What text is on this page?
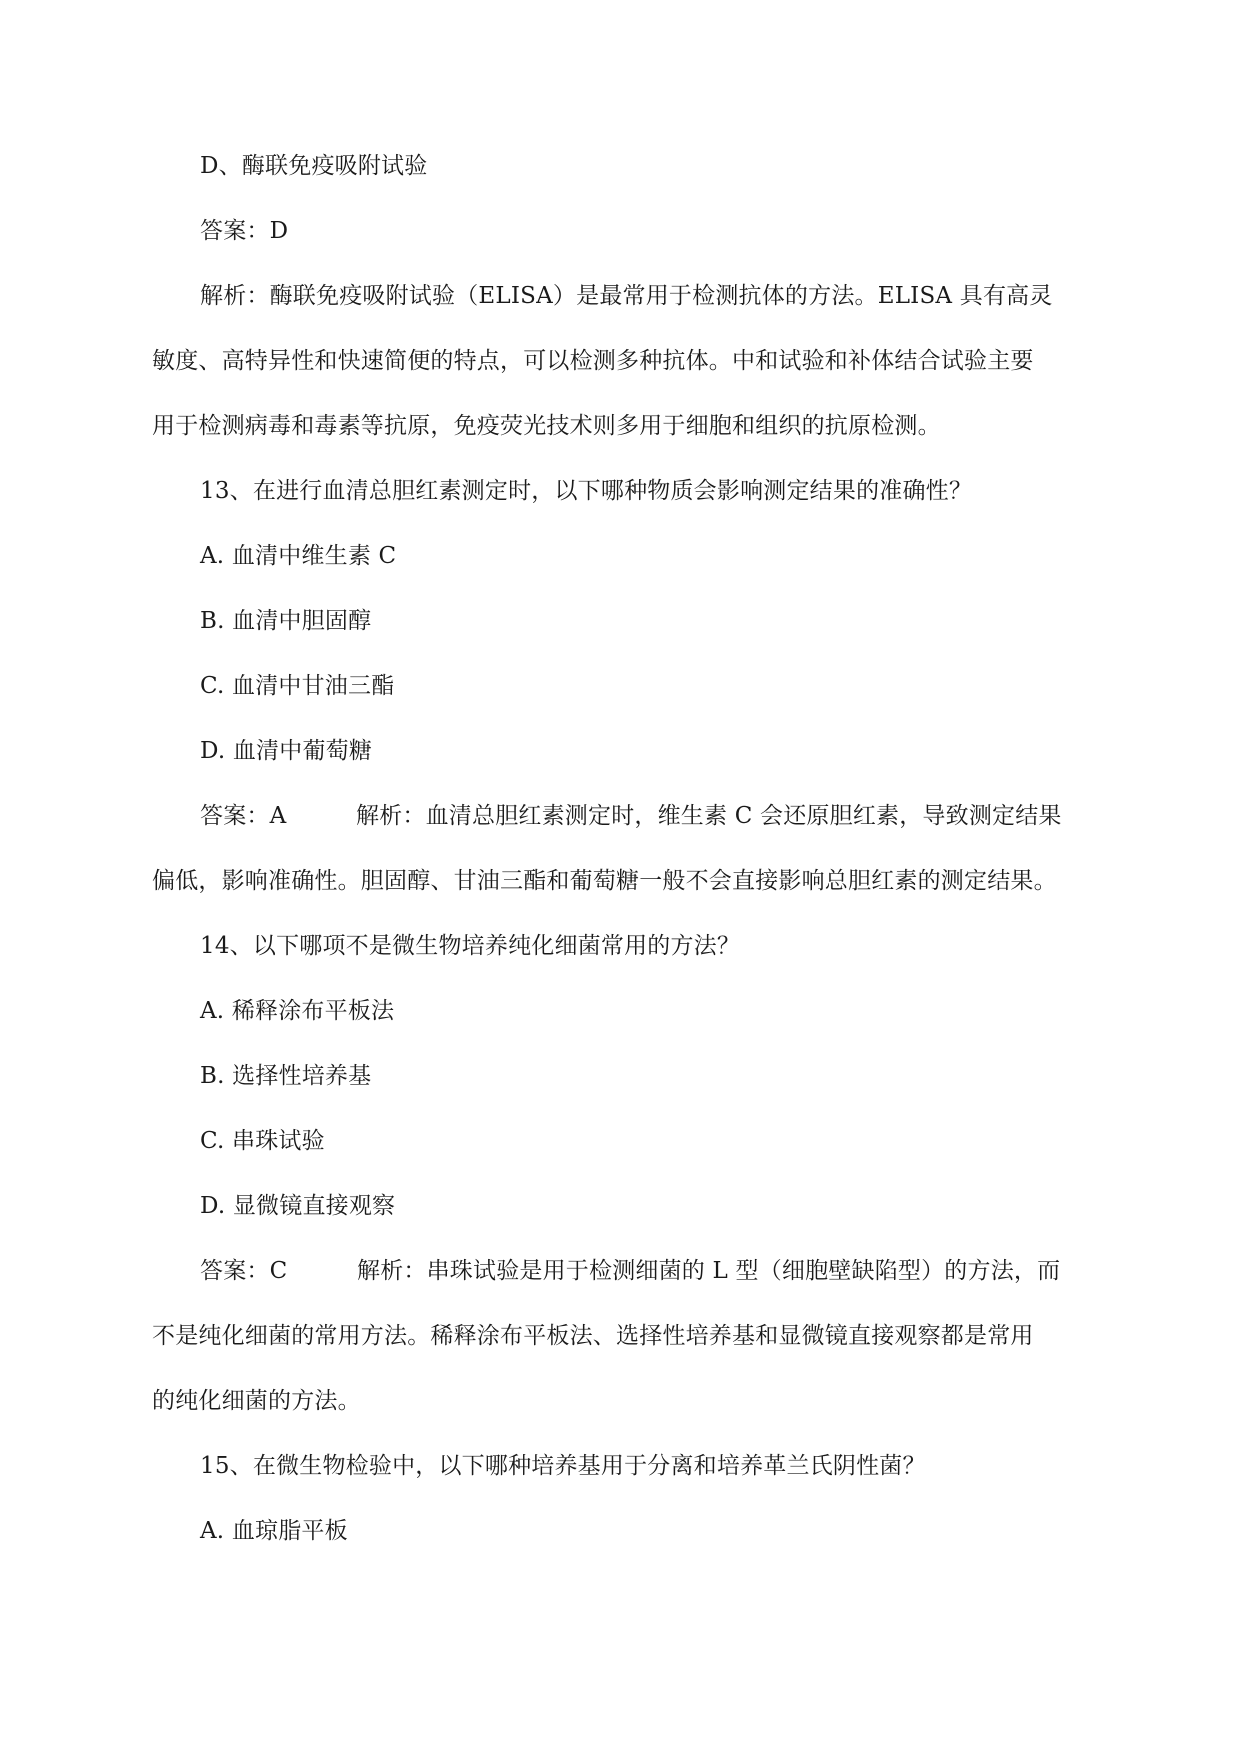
D、酶联免疫吸附试验
答案：D
解析：酶联免疫吸附试验（ELISA）是最常用于检测抗体的方法。ELISA 具有高灵
敏度、高特异性和快速简便的特点，可以检测多种抗体。中和试验和补体结合试验主要
用于检测病毒和毒素等抗原，免疫荧光技术则多用于细胞和组织的抗原检测。
13、在进行血清总胆红素测定时，以下哪种物质会影响测定结果的准确性？
A. 血清中维生素 C
B. 血清中胆固醇
C. 血清中甘油三酯
D. 血清中葡萄糖
答案：A　　　解析：血清总胆红素测定时，维生素 C 会还原胆红素，导致测定结果
偏低，影响准确性。胆固醇、甘油三酯和葡萄糖一般不会直接影响总胆红素的测定结果。
14、以下哪项不是微生物培养纯化细菌常用的方法？
A. 稀释涂布平板法
B. 选择性培养基
C. 串珠试验
D. 显微镜直接观察
答案：C　　　解析：串珠试验是用于检测细菌的 L 型（细胞壁缺陷型）的方法，而
不是纯化细菌的常用方法。稀释涂布平板法、选择性培养基和显微镜直接观察都是常用
的纯化细菌的方法。
15、在微生物检验中，以下哪种培养基用于分离和培养革兰氏阴性菌？
A. 血琼脂平板
